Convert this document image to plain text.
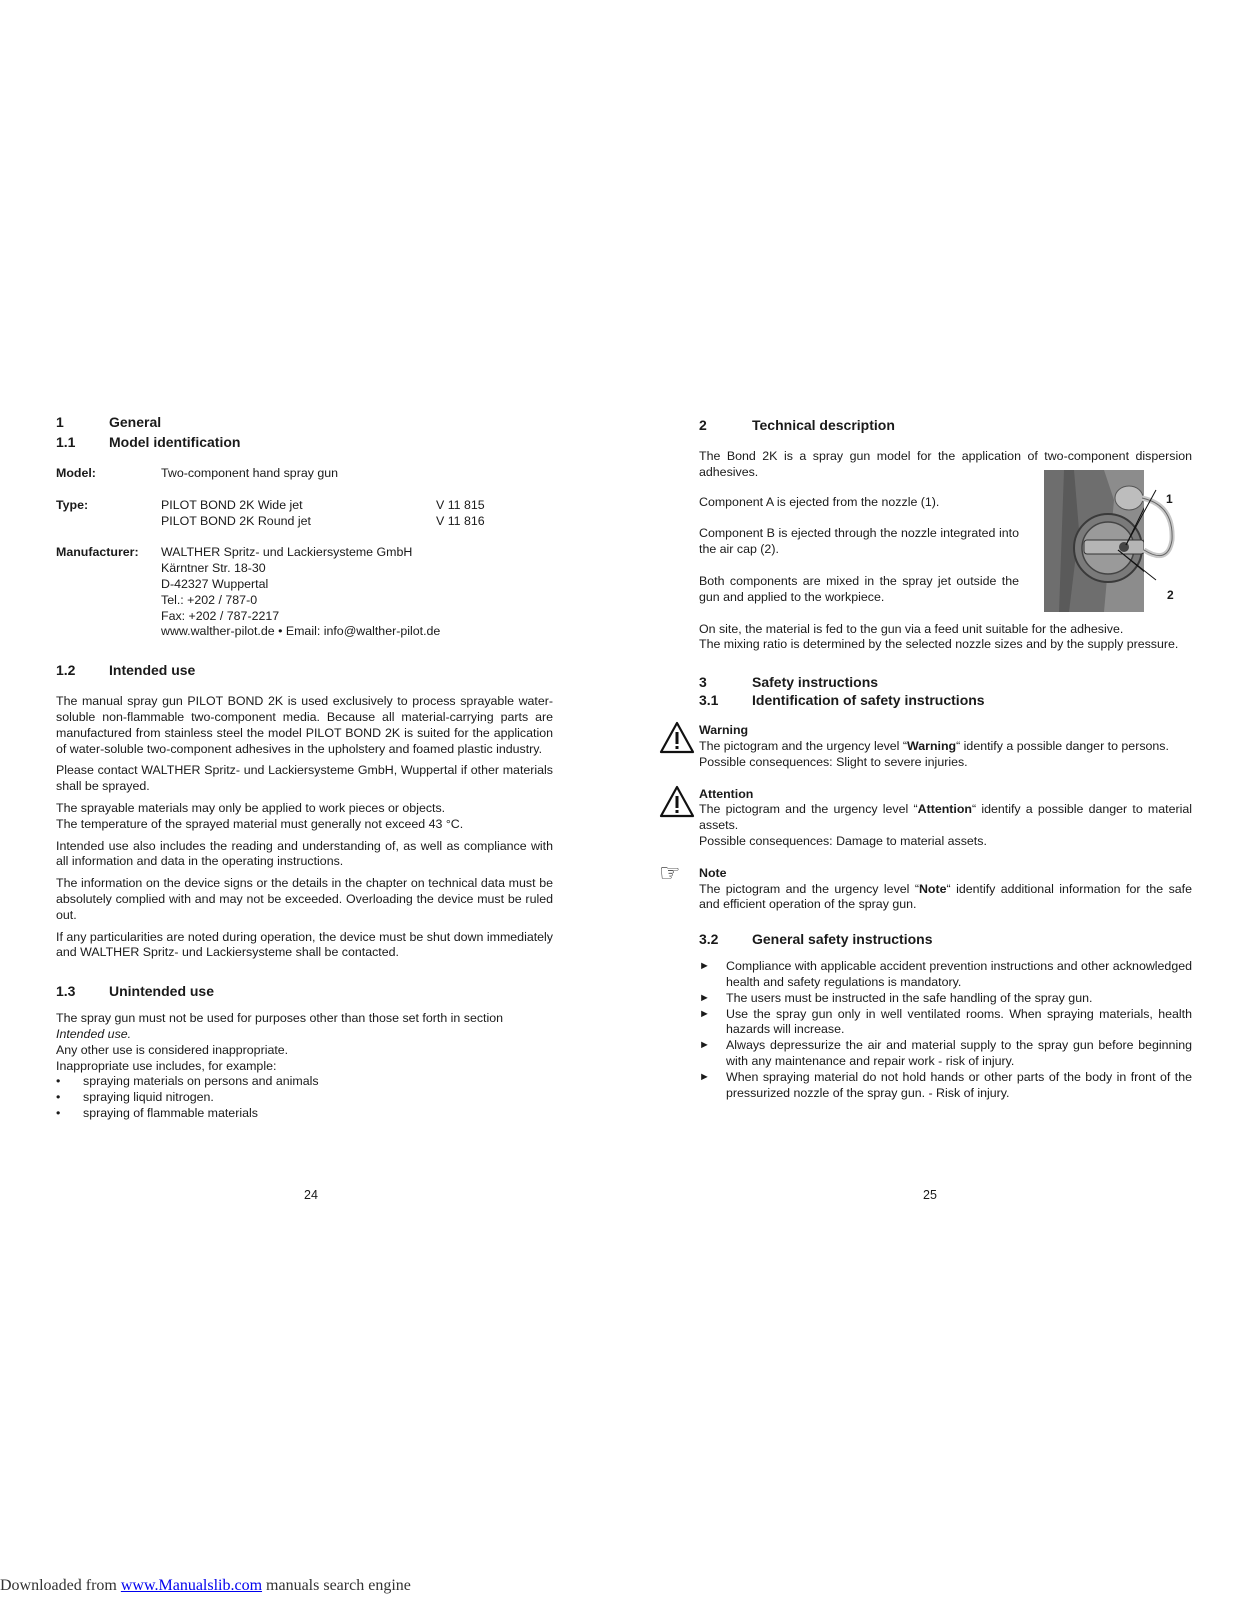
1	General
1.1	Model identification
Model:	Two-component hand spray gun
Type:	PILOT BOND 2K Wide jet	V 11 815
PILOT BOND 2K Round jet	V 11 816
Manufacturer:	WALTHER Spritz- und Lackiersysteme GmbH
Kärntner Str. 18-30
D-42327 Wuppertal
Tel.: +202 / 787-0
Fax: +202 / 787-2217
www.walther-pilot.de • Email: info@walther-pilot.de
1.2	Intended use

The manual spray gun PILOT BOND 2K is used exclusively to process sprayable water-soluble non-flammable two-component media. Because all material-carrying parts are manufactured from stainless steel the model PILOT BOND 2K is suited for the application of water-soluble two-component adhesives in the upholstery and foamed plastic industry.

Please contact WALTHER Spritz- und Lackiersysteme GmbH, Wuppertal if other materials shall be sprayed.

The sprayable materials may only be applied to work pieces or objects.

The temperature of the sprayed material must generally not exceed 43 °C.

Intended use also includes the reading and understanding of, as well as compliance with all information and data in the operating instructions.

The information on the device signs or the details in the chapter on technical data must be absolutely complied with and may not be exceeded. Overloading the device must be ruled out.

If any particularities are noted during operation, the device must be shut down immediately and WALTHER Spritz- und Lackiersysteme shall be contacted.

1.3	Unintended use

The spray gun must not be used for purposes other than those set forth in section

Intended use.
Any other use is considered inappropriate.
Inappropriate use includes, for example:
•	spraying materials on persons and animals
•	spraying liquid nitrogen.
•	spraying of flammable materials
24
2	Technical description

The Bond 2K is a spray gun model for the application of two-component dispersion adhesives.

Component A is ejected from the nozzle (1).

Component B is ejected through the nozzle integrated into the air cap (2).

Both components are mixed in the spray jet outside the gun and applied to the workpiece.

On site, the material is fed to the gun via a feed unit suitable for the adhesive.

The mixing ratio is determined by the selected nozzle sizes and by the supply pressure.

3	Safety instructions
3.1	Identification of safety instructions
Warning

The pictogram and the urgency level “Warning“ identify a possible danger to persons.

Possible consequences: Slight to severe injuries.
Attention

The pictogram and the urgency level “Attention“ identify a possible danger to material assets.

Possible consequences: Damage to material assets.
☞ Note

The pictogram and the urgency level “Note“ identify additional information for the safe and efficient operation of the spray gun.

3.2	General safety instructions
►	Compliance with applicable accident prevention instructions and other acknowledged health and safety regulations is mandatory.

►	The users must be instructed in the safe handling of the spray gun.

►	Use the spray gun only in well ventilated rooms. When spraying materials, health hazards will increase.

►	Always depressurize the air and material supply to the spray gun before beginning with any maintenance and repair work - risk of injury.

►	When spraying material do not hold hands or other parts of the body in front of the pressurized nozzle of the spray gun. - Risk of injury.

1
2
25
Downloaded from www.Manualslib.com manuals search engine
